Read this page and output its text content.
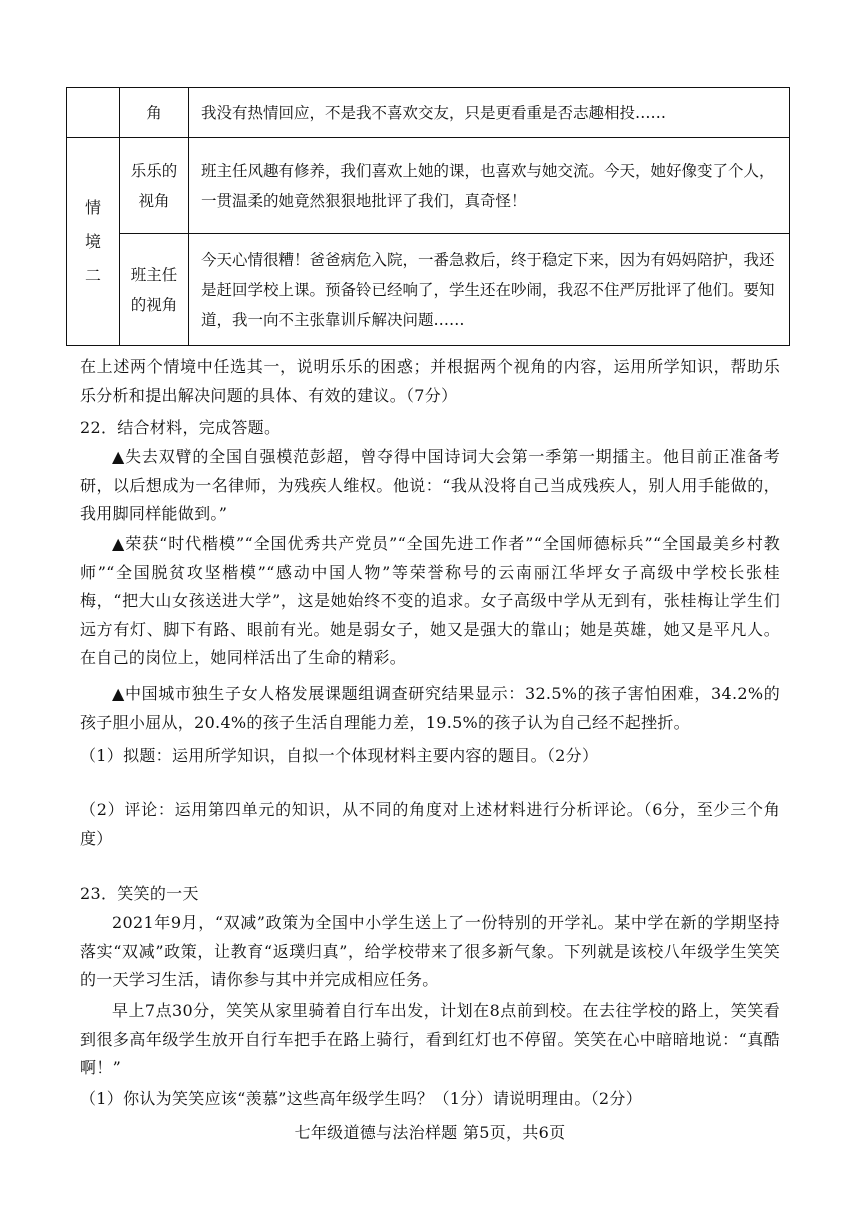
	角	我没有热情回应，不是我不喜欢交友，只是更看重是否志趣相投……
情境二	乐乐的视角	班主任风趣有修养，我们喜欢上她的课，也喜欢与她交流。今天，她好像变了个人，一贯温柔的她竟然狠狠地批评了我们，真奇怪！
	班主任的视角	今天心情很糟！爸爸病危入院，一番急救后，终于稳定下来，因为有妈妈陪护，我还是赶回学校上课。预备铃已经响了，学生还在吵闹，我忍不住严厉批评了他们。要知道，我一向不主张靠训斥解决问题……
在上述两个情境中任选其一，说明乐乐的困惑；并根据两个视角的内容，运用所学知识，帮助乐乐分析和提出解决问题的具体、有效的建议。（7分）
22．结合材料，完成答题。
▲失去双臂的全国自强模范彭超，曾夺得中国诗词大会第一季第一期擂主。他目前正准备考研，以后想成为一名律师，为残疾人维权。他说：“我从没将自己当成残疾人，别人用手能做的，我用脚同样能做到。”
▲荣获“时代楷模”“全国优秀共产党员”“全国先进工作者”“全国师德标兵”“全国最美乡村教师”“全国脱贫攻坚楷模”“感动中国人物”等荣誉称号的云南丽江华坪女子高级中学校长张桂梅，“把大山女孩送进大学”，这是她始终不变的追求。女子高级中学从无到有，张桂梅让学生们远方有灯、脚下有路、眼前有光。她是弱女子，她又是强大的靠山；她是英雄，她又是平凡人。在自己的岗位上，她同样活出了生命的精彩。
▲中国城市独生子女人格发展课题组调查研究结果显示：32.5%的孩子害怕困难，34.2%的孩子胆小屈从，20.4%的孩子生活自理能力差，19.5%的孩子认为自己经不起挫折。
（1）拟题：运用所学知识，自拟一个体现材料主要内容的题目。（2分）
（2）评论：运用第四单元的知识，从不同的角度对上述材料进行分析评论。（6分，至少三个角度）
23．笑笑的一天
2021年9月，“双减”政策为全国中小学生送上了一份特别的开学礼。某中学在新的学期坚持落实“双减”政策，让教育“返璞归真”，给学校带来了很多新气象。下列就是该校八年级学生笑笑的一天学习生活，请你参与其中并完成相应任务。
早上7点30分，笑笑从家里骑着自行车出发，计划在8点前到校。在去往学校的路上，笑笑看到很多高年级学生放开自行车把手在路上骑行，看到红灯也不停留。笑笑在心中暗暗地说：“真酷啊！”
（1）你认为笑笑应该“羡慕”这些高年级学生吗？（1分）请说明理由。（2分）
七年级道德与法治样题 第5页，共6页
